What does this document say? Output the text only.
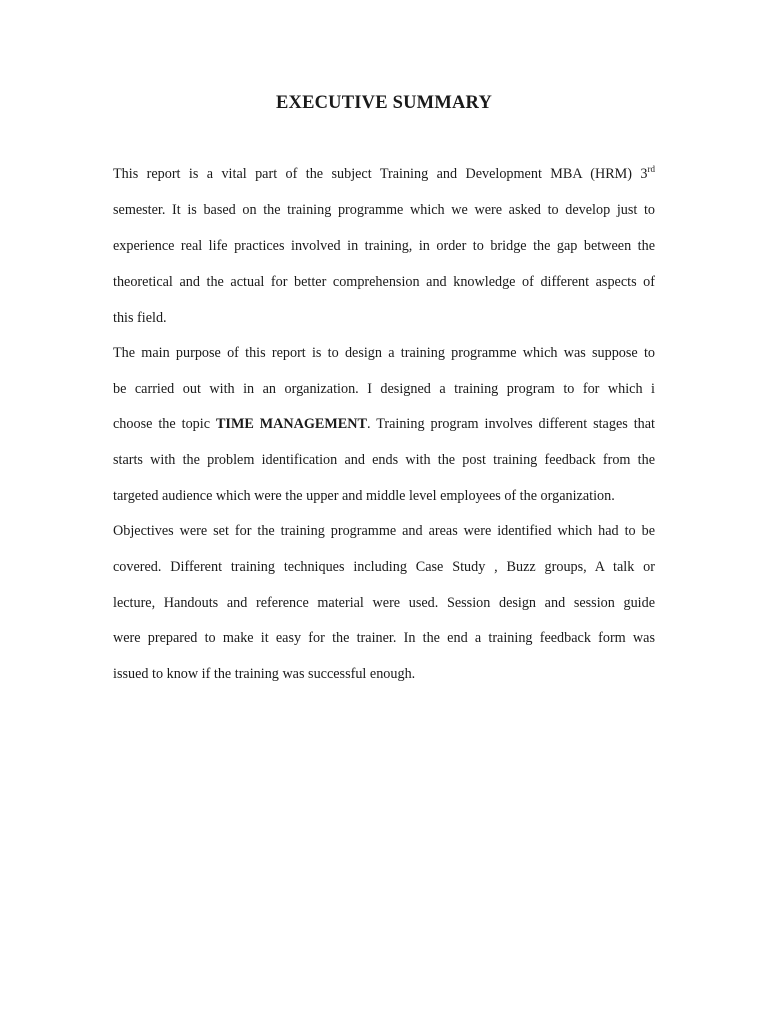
EXECUTIVE SUMMARY
This report is a vital part of the subject Training and Development MBA (HRM) 3rd
semester. It is based on the training programme which we were asked to develop just to
experience real life practices involved in training, in order to bridge the gap between the
theoretical and the actual for better comprehension and knowledge of different aspects of
this field.
The main purpose of this report is to design a training programme which was suppose to
be carried out with in an organization. I designed a training program to for which i
choose the topic TIME MANAGEMENT. Training program involves different stages that
starts with the problem identification and ends with the post training feedback from the
targeted audience which were the upper and middle level employees of the organization.
Objectives were set for the training programme and areas were identified which had to be
covered. Different training techniques including Case Study , Buzz groups, A talk or
lecture, Handouts and reference material were used. Session design and session guide
were prepared to make it easy for the trainer. In the end a training feedback form was
issued to know if the training was successful enough.
